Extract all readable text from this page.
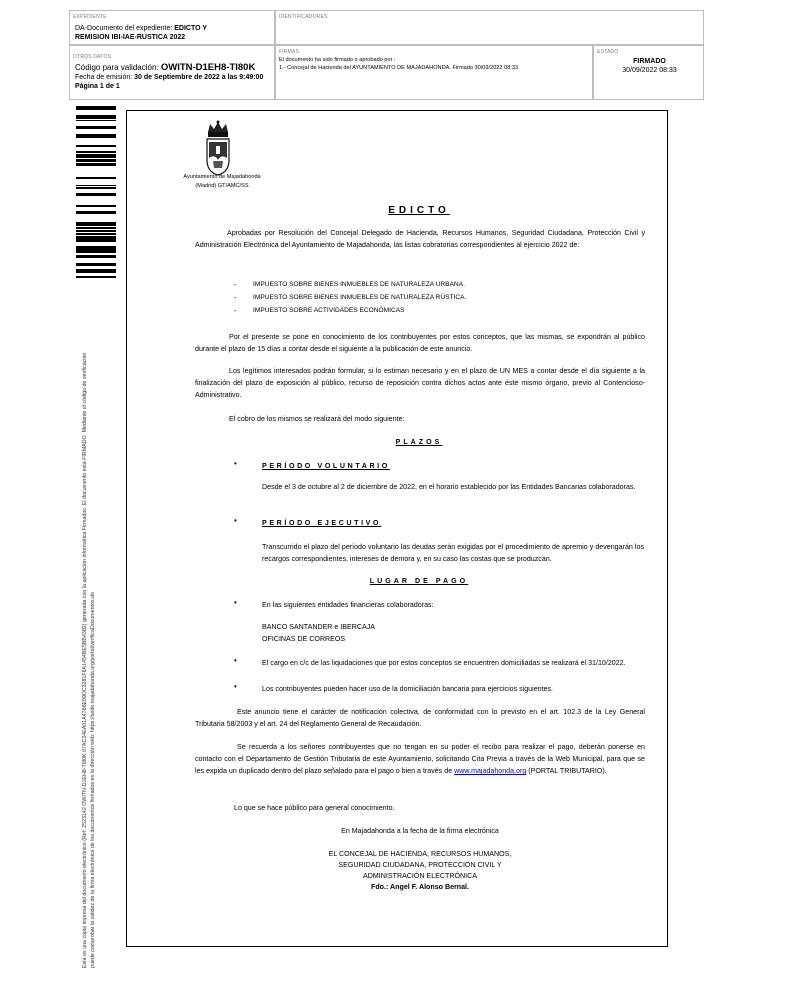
EXPEDIENTE
DA-Documento del expediente: EDICTO Y
REMISION IBI-IAE-RUSTICA 2022
IDENTIFICADORES
OTROS DATOS
Código para validación: OWITN-D1EH8-TI80K
Fecha de emisión: 30 de Septiembre de 2022 a las 9:49:00
Página 1 de 1
FIRMAS
El documento ha sido firmado o aprobado por :
1.- Concejal de Hacienda del AYUNTAMIENTO DE MAJADAHONDA. Firmado 30/09/2022 08:33
ESTADO
FIRMADO
30/09/2022 08:33
Esta es una copia impresa del documento electrónico (Ref: 2523142 OWITN-D1EH8-TI80K 07AC24EA01A4786E09DC3281F6A1454BE5BB4382) generada con la aplicación informática Firmadoc. El documento está FIRMADO. Mediante el código de verificación puede comprobar la validez de la firma electrónica de los documentos firmados en la dirección web: https://sede.majadahonda.org/portal/verificaDocumentos.do
Ayuntamiento de Majadahonda
(Madrid) GT/AMC/SS
EDICTO
Aprobadas por Resolución del Concejal Delegado de Hacienda, Recursos Humanos, Seguridad Ciudadana, Protección Civil y Administración Electrónica del Ayuntamiento de Majadahonda, las listas cobratorias correspondientes al ejercicio 2022 de:
-	IMPUESTO SOBRE BIENES INMUEBLES DE NATURALEZA URBANA.
-	IMPUESTO SOBRE BIENES INMUEBLES DE NATURALEZA RÚSTICA.
-	IMPUESTO SOBRE ACTIVIDADES ECONÓMICAS
Por el presente se pone en conocimiento de los contribuyentes por estos conceptos, que las mismas, se expondrán al público durante el plazo de 15 días a contar desde el siguiente a la publicación de este anuncio.
Los legítimos interesados podrán formular, si lo estiman necesario y en el plazo de UN MES a contar desde el día siguiente a la finalización del plazo de exposición al público, recurso de reposición contra dichos actos ante éste mismo órgano, previo al Contencioso-Administrativo.
El cobro de los mismos se realizará del modo siguiente:
PLAZOS
•	PERÍODO VOLUNTARIO
Desde el 3 de octubre al 2 de diciembre de 2022, en el horario establecido por las Entidades Bancarias colaboradoras.
•	PERÍODO EJECUTIVO
Transcurrido el plazo del período voluntario las deudas serán exigidas por el procedimiento de apremio y devengarán los recargos correspondientes, intereses de demora y, en su caso las costas que se produzcan.
LUGAR DE PAGO
•	En las siguientes entidades financieras colaboradoras:
BANCO SANTANDER e IBERCAJA
OFICINAS DE CORREOS
•	El cargo en c/c de las liquidaciones que por estos conceptos se encuentren domiciliadas se realizará el 31/10/2022.
•	Los contribuyentes pueden hacer uso de la domiciliación bancaria para ejercicios siguientes.
Este anuncio tiene el carácter de notificación colectiva, de conformidad con lo previsto en el art. 102.3 de la Ley General Tributaria 58/2003 y el art. 24 del Reglamento General de Recaudación.
Se recuerda a los señores contribuyentes que no tengan en su poder el recibo para realizar el pago, deberán ponerse en contacto con el Departamento de Gestión Tributaria de este Ayuntamiento, solicitando Cita Previa a través de la Web Municipal, para que se les expida un duplicado dentro del plazo señalado para el pago o bien a través de www.majadahonda.org (PORTAL TRIBUTARIO).
Lo que se hace público para general conocimiento.
En Majadahonda a la fecha de la firma electrónica
EL CONCEJAL DE HACIENDA, RECURSOS HUMANOS,
SEGURIDAD CIUDADANA, PROTECCION CIVIL Y
ADMINISTRACIÓN ELECTRÓNICA
Fdo.: Angel F. Alonso Bernal.
